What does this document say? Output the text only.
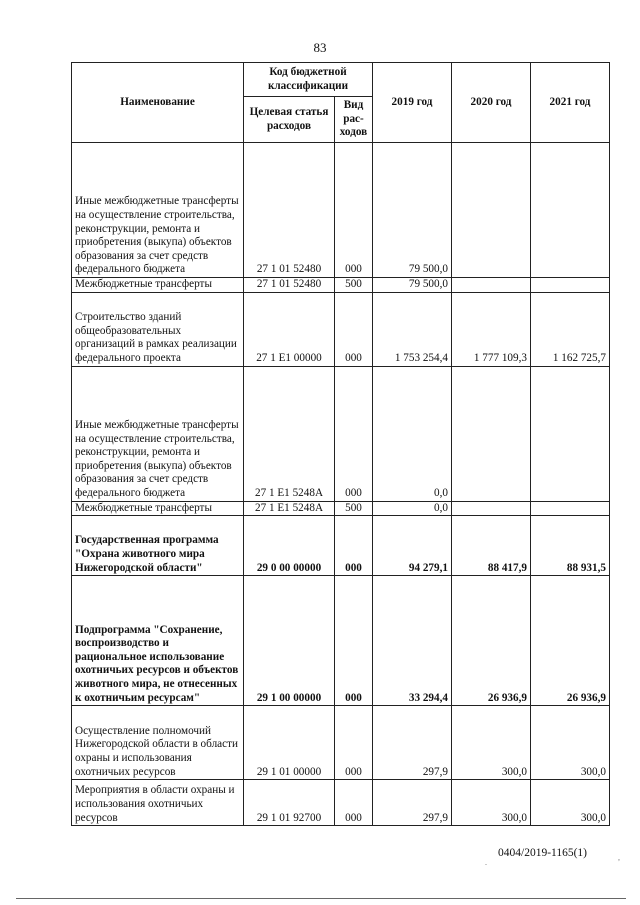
83
Наименование	Код бюджетной классификации		2019 год	2020 год	2021 год
	Целевая статья расходов	Вид рас-ходов			
Иные межбюджетные трансферты на осуществление строительства, реконструкции, ремонта и приобретения (выкупа) объектов образования за счет средств федерального бюджета	27 1 01 52480	000	79 500,0		
Межбюджетные трансферты	27 1 01 52480	500	79 500,0		
Строительство зданий общеобразовательных организаций в рамках реализации федерального проекта	27 1 E1 00000	000	1 753 254,4	1 777 109,3	1 162 725,7
Иные межбюджетные трансферты на осуществление строительства, реконструкции, ремонта и приобретения (выкупа) объектов образования за счет средств федерального бюджета	27 1 E1 5248A	000	0,0		
Межбюджетные трансферты	27 1 E1 5248A	500	0,0		
Государственная программа "Охрана животного мира Нижегородской области"	29 0 00 00000	000	94 279,1	88 417,9	88 931,5
Подпрограмма "Сохранение, воспроизводство и рациональное использование охотничьих ресурсов и объектов животного мира, не отнесенных к охотничьим ресурсам"	29 1 00 00000	000	33 294,4	26 936,9	26 936,9
Осуществление полномочий Нижегородской области в области охраны и использования охотничьих ресурсов	29 1 01 00000	000	297,9	300,0	300,0
Мероприятия в области охраны и использования охотничьих ресурсов	29 1 01 92700	000	297,9	300,0	300,0
0404/2019-1165(1)	,
.
